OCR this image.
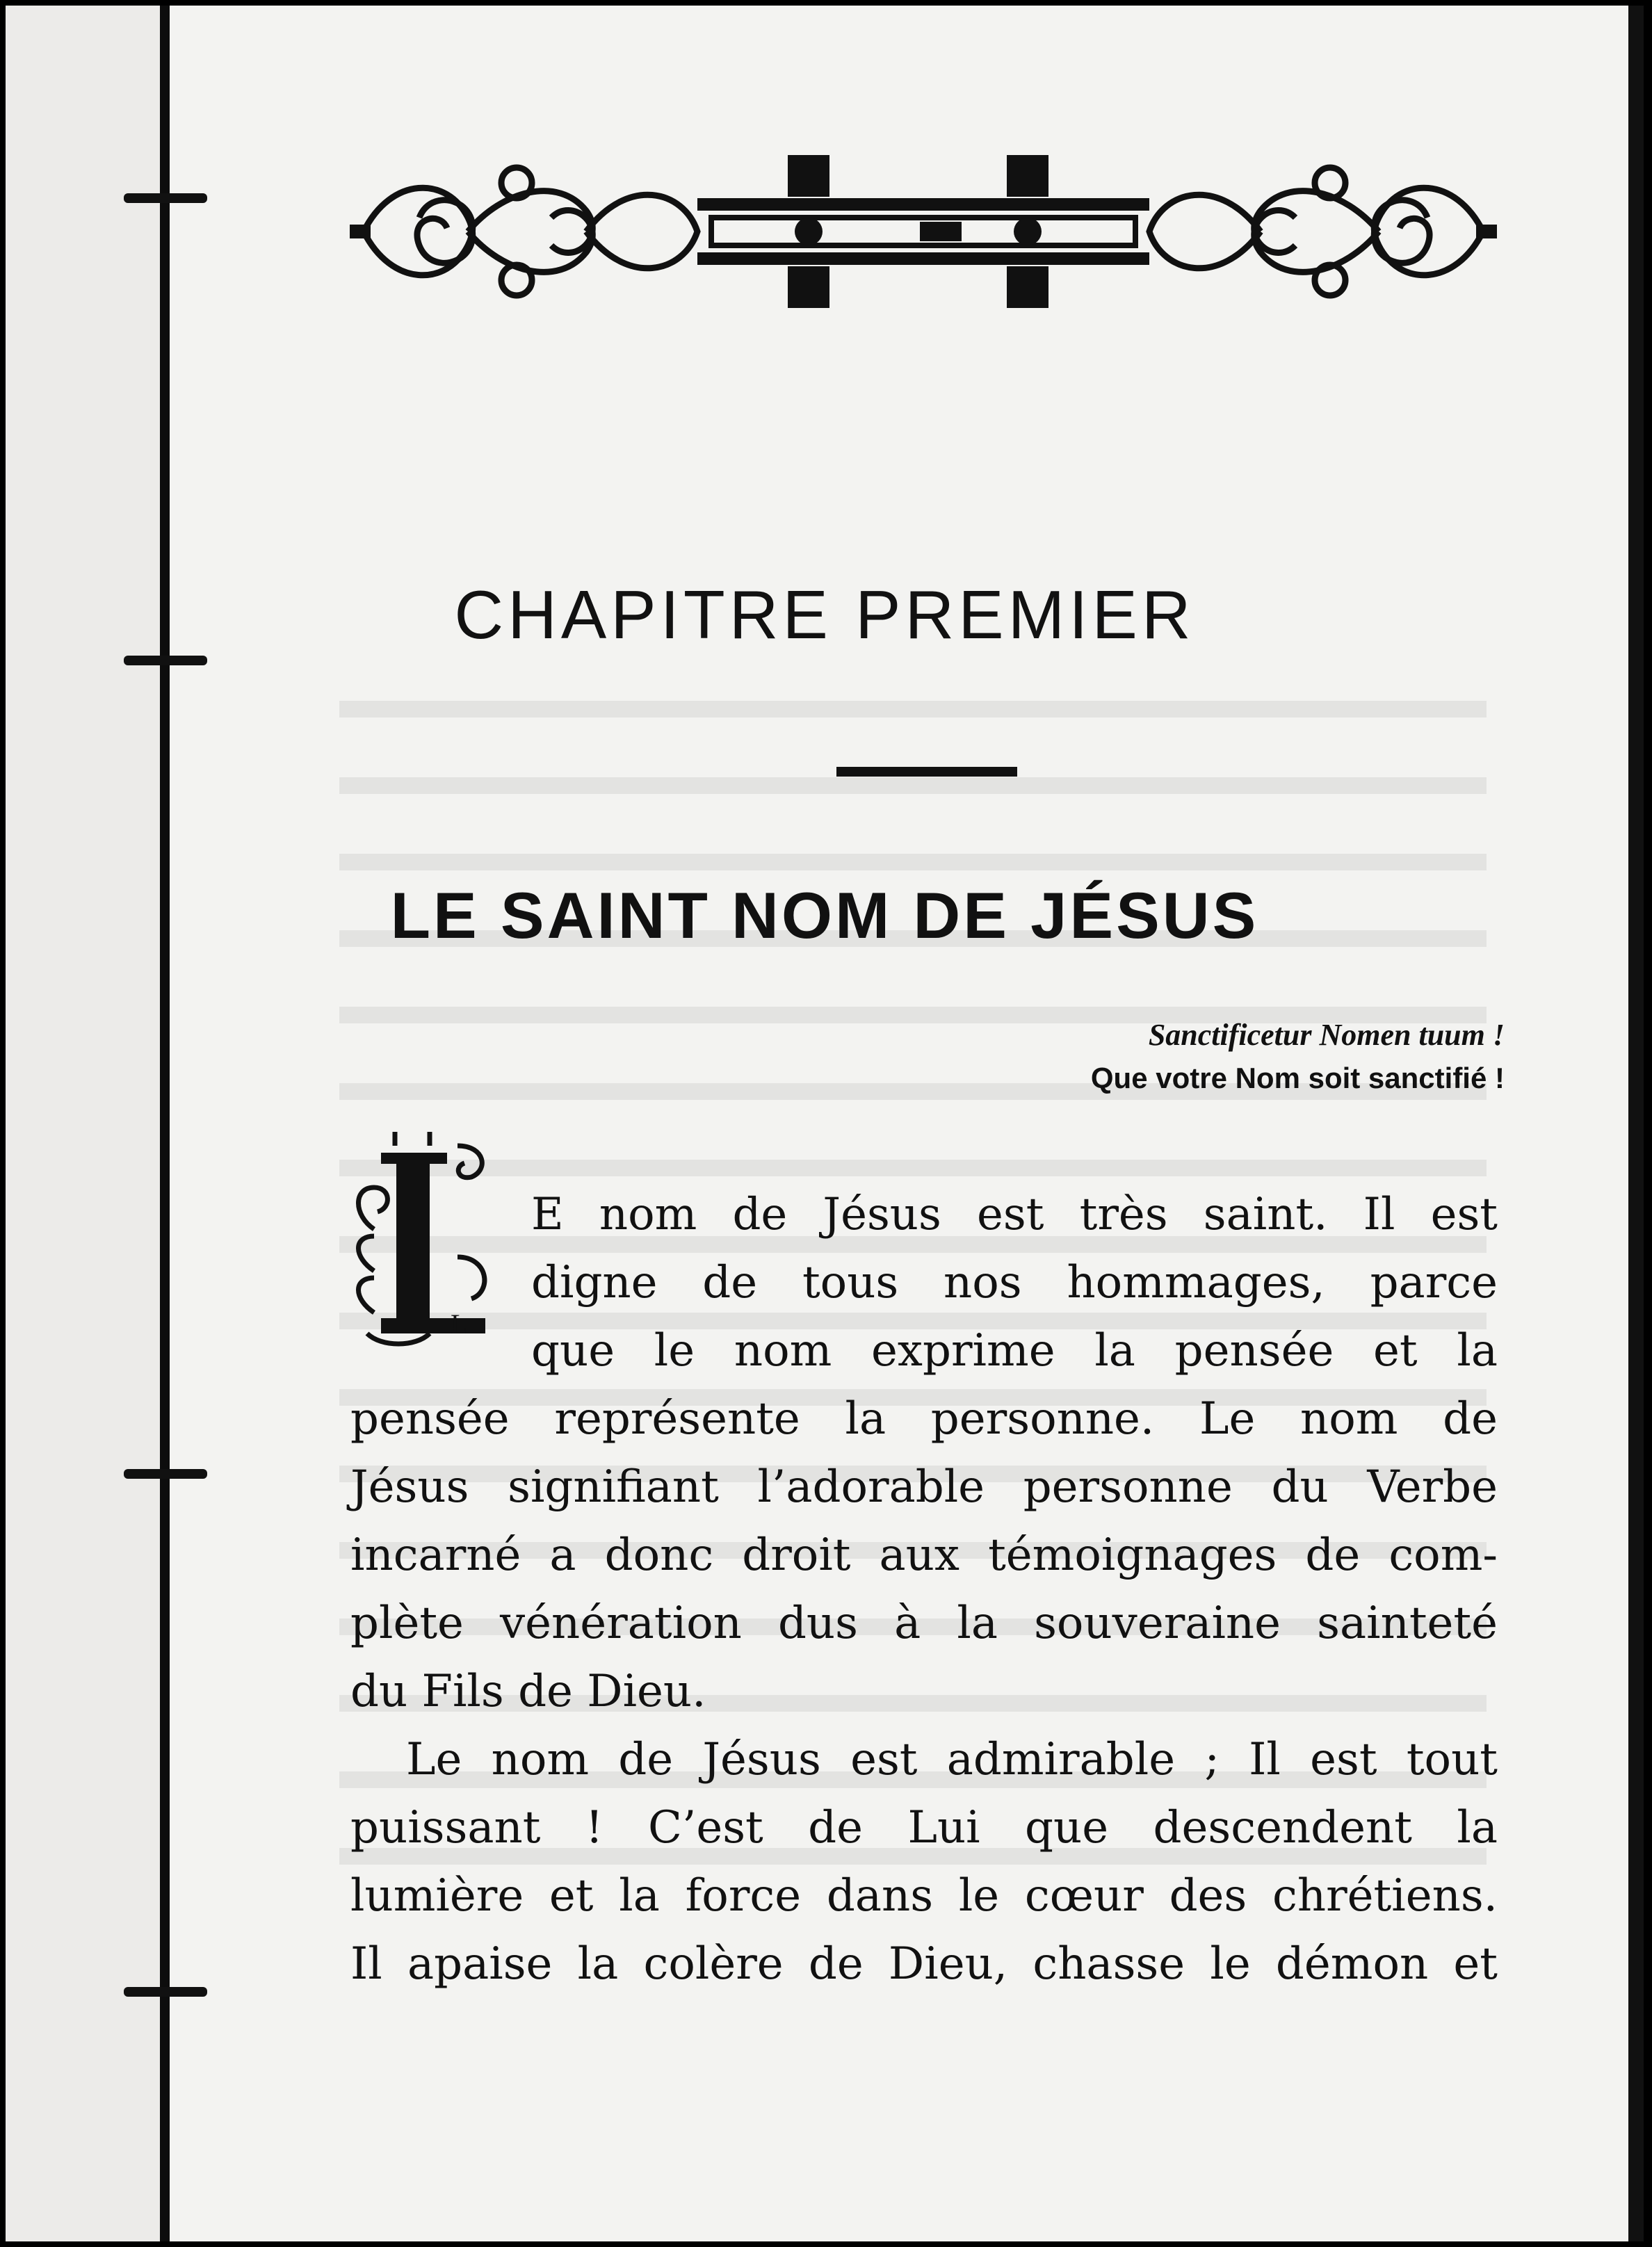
CHAPITRE PREMIER
LE SAINT NOM DE JÉSUS
Sanctificetur Nomen tuum !
Que votre Nom soit sanctifié !
L
E nom de Jésus est très saint. Il est
digne de tous nos hommages, parce
que le nom exprime la pensée et la
pensée représente la personne. Le nom de
Jésus signifiant l’adorable personne du Verbe
incarné a donc droit aux témoignages de com-
plète vénération dus à la souveraine sainteté
du Fils de Dieu.
Le nom de Jésus est admirable ; Il est tout
puissant ! C’est de Lui que descendent la
lumière et la force dans le cœur des chrétiens.
Il apaise la colère de Dieu, chasse le démon et
